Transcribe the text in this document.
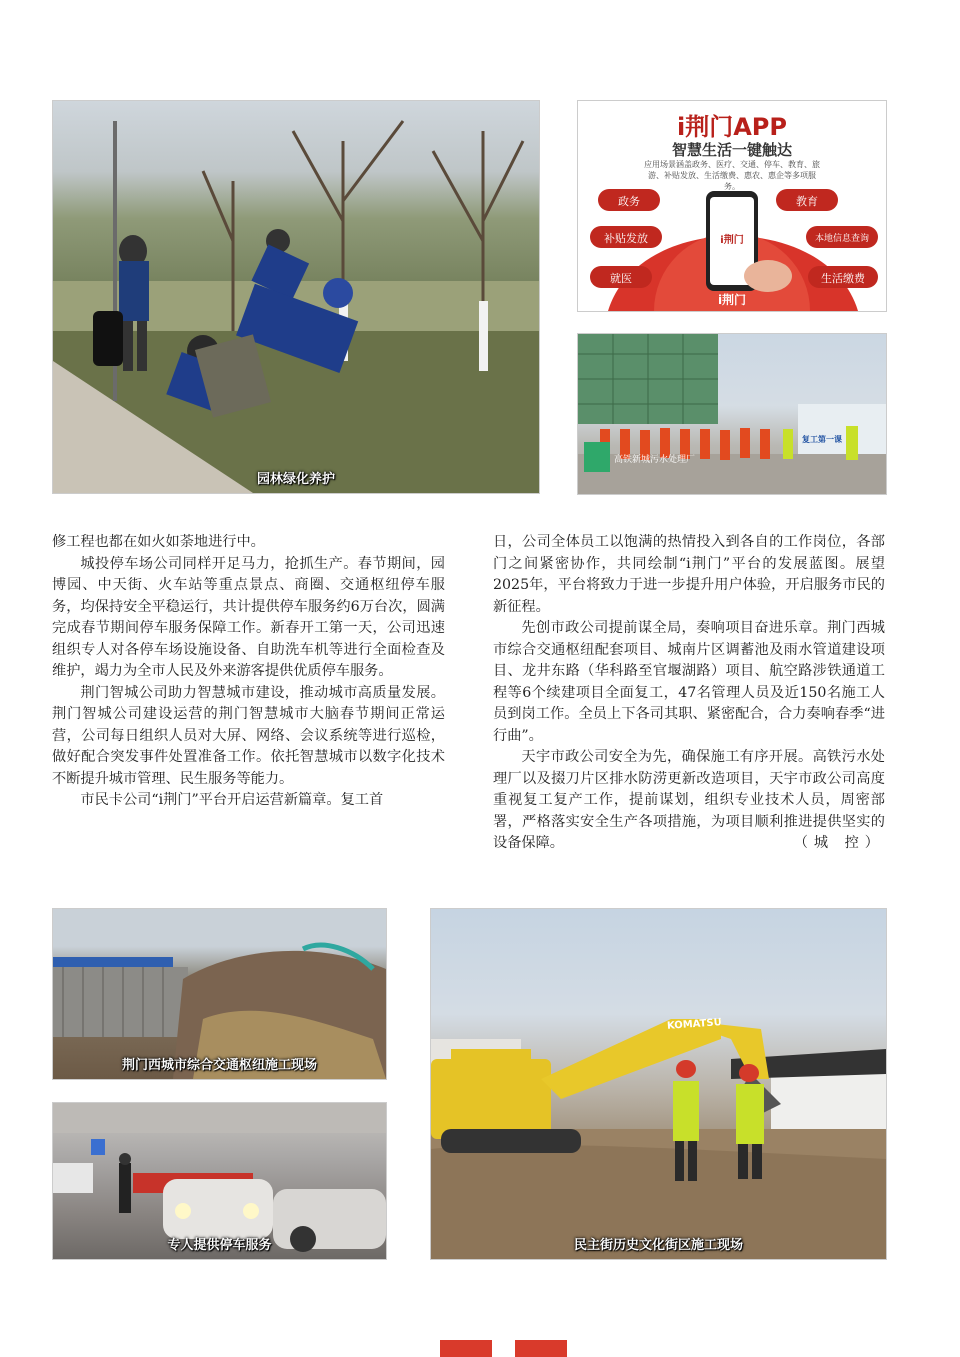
园林绿化养护
i荆门APP
智慧生活一键触达
应用场景涵盖政务、医疗、交通、停车、教育、旅游、补贴发放、生活缴费、惠农、惠企等多项服务。
政务	教育
补贴发放	本地信息查询
就医	生活缴费
i荆门
i荆门
高铁新城污水处理厂
复工第一课

修工程也都在如火如荼地进行中。

城投停车场公司同样开足马力，抢抓生产。春节期间，园博园、中天街、火车站等重点景点、商圈、交通枢纽停车服务，均保持安全平稳运行，共计提供停车服务约6万台次，圆满完成春节期间停车服务保障工作。新春开工第一天，公司迅速组织专人对各停车场设施设备、自助洗车机等进行全面检查及维护，竭力为全市人民及外来游客提供优质停车服务。

荆门智城公司助力智慧城市建设，推动城市高质量发展。荆门智城公司建设运营的荆门智慧城市大脑春节期间正常运营，公司每日组织人员对大屏、网络、会议系统等进行巡检，做好配合突发事件处置准备工作。依托智慧城市以数字化技术不断提升城市管理、民生服务等能力。

市民卡公司“i荆门”平台开启运营新篇章。复工首

日，公司全体员工以饱满的热情投入到各自的工作岗位，各部门之间紧密协作，共同绘制“i荆门”平台的发展蓝图。展望2025年，平台将致力于进一步提升用户体验，开启服务市民的新征程。

先创市政公司提前谋全局，奏响项目奋进乐章。荆门西城市综合交通枢纽配套项目、城南片区调蓄池及雨水管道建设项目、龙井东路（华科路至官堰湖路）项目、航空路涉铁通道工程等6个续建项目全面复工，47名管理人员及近150名施工人员到岗工作。全员上下各司其职、紧密配合，合力奏响春季“进行曲”。

天宇市政公司安全为先，确保施工有序开展。高铁污水处理厂以及掇刀片区排水防涝更新改造项目，天宇市政公司高度重视复工复产工作，提前谋划，组织专业技术人员，周密部署，严格落实安全生产各项措施，为项目顺利推进提供坚实的设备保障。	（城 控）

荆门西城市综合交通枢纽施工现场
专人提供停车服务
KOMATSU
民主街历史文化街区施工现场
